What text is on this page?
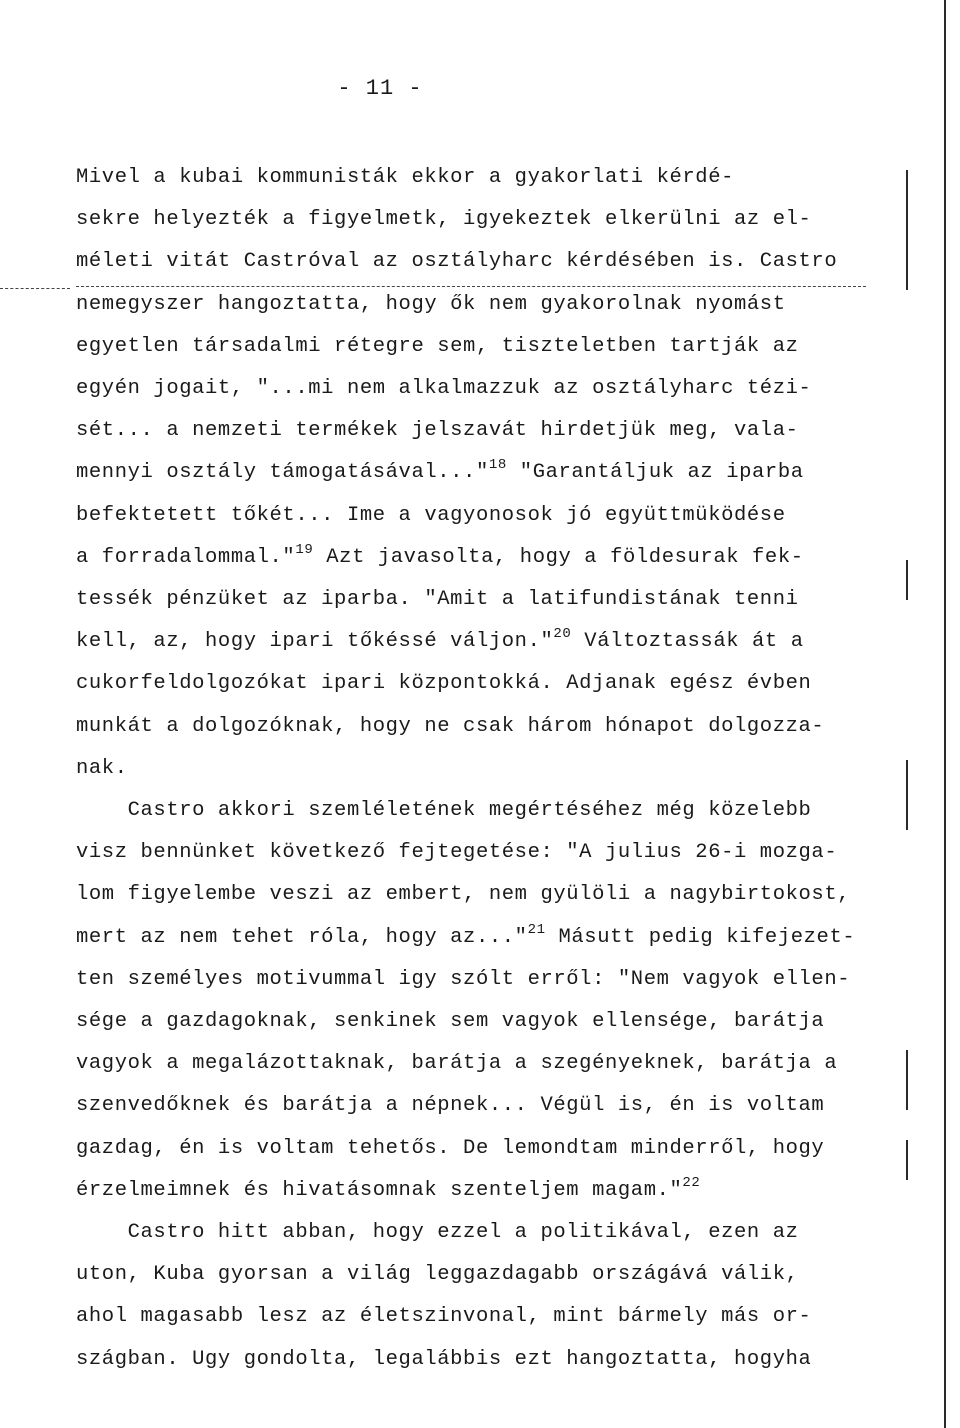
- 11 -
Mivel a kubai kommunisták ekkor a gyakorlati kérdé-
sekre helyezték a figyelmetk, igyekeztek elkerülni az el-
méleti vitát Castróval az osztályharc kérdésében is. Castro
nemegyszer hangoztatta, hogy ők nem gyakorolnak nyomást
egyetlen társadalmi rétegre sem, tiszteletben tartják az
egyén jogait, "...mi nem alkalmazzuk az osztályharc tézi-
sét... a nemzeti termékek jelszavát hirdetjük meg, vala-
mennyi osztály támogatásával..."$^{18}$ "Garantáljuk az iparba
befektetett tőkét... Ime a vagyonosok jó együttmüködése
a forradalommal."$^{19}$ Azt javasolta, hogy a földesurak fek-
tessék pénzüket az iparba. "Amit a latifundistának tenni
kell, az, hogy ipari tőkéssé váljon."$^{20}$ Változtassák át a
cukorfeldolgozókat ipari központokká. Adjanak egész évben
munkát a dolgozóknak, hogy ne csak három hónapot dolgozza-
nak.
Castro akkori szemléletének megértéséhez még közelebb
visz bennünket következő fejtegetése: "A julius 26-i mozga-
lom figyelembe veszi az embert, nem gyülöli a nagybirtokost,
mert az nem tehet róla, hogy az..."$^{21}$ Másutt pedig kifejezet-
ten személyes motivummal igy szólt erről: "Nem vagyok ellen-
sége a gazdagoknak, senkinek sem vagyok ellensége, barátja
vagyok a megalázottaknak, barátja a szegényeknek, barátja a
szenvedőknek és barátja a népnek... Végül is, én is voltam
gazdag, én is voltam tehetős. De lemondtam minderről, hogy
érzelmeimnek és hivatásomnak szenteljem magam."$^{22}$
Castro hitt abban, hogy ezzel a politikával, ezen az
uton, Kuba gyorsan a világ leggazdagabb országává válik,
ahol magasabb lesz az életszinvonal, mint bármely más or-
szágban. Ugy gondolta, legalábbis ezt hangoztatta, hogyha
